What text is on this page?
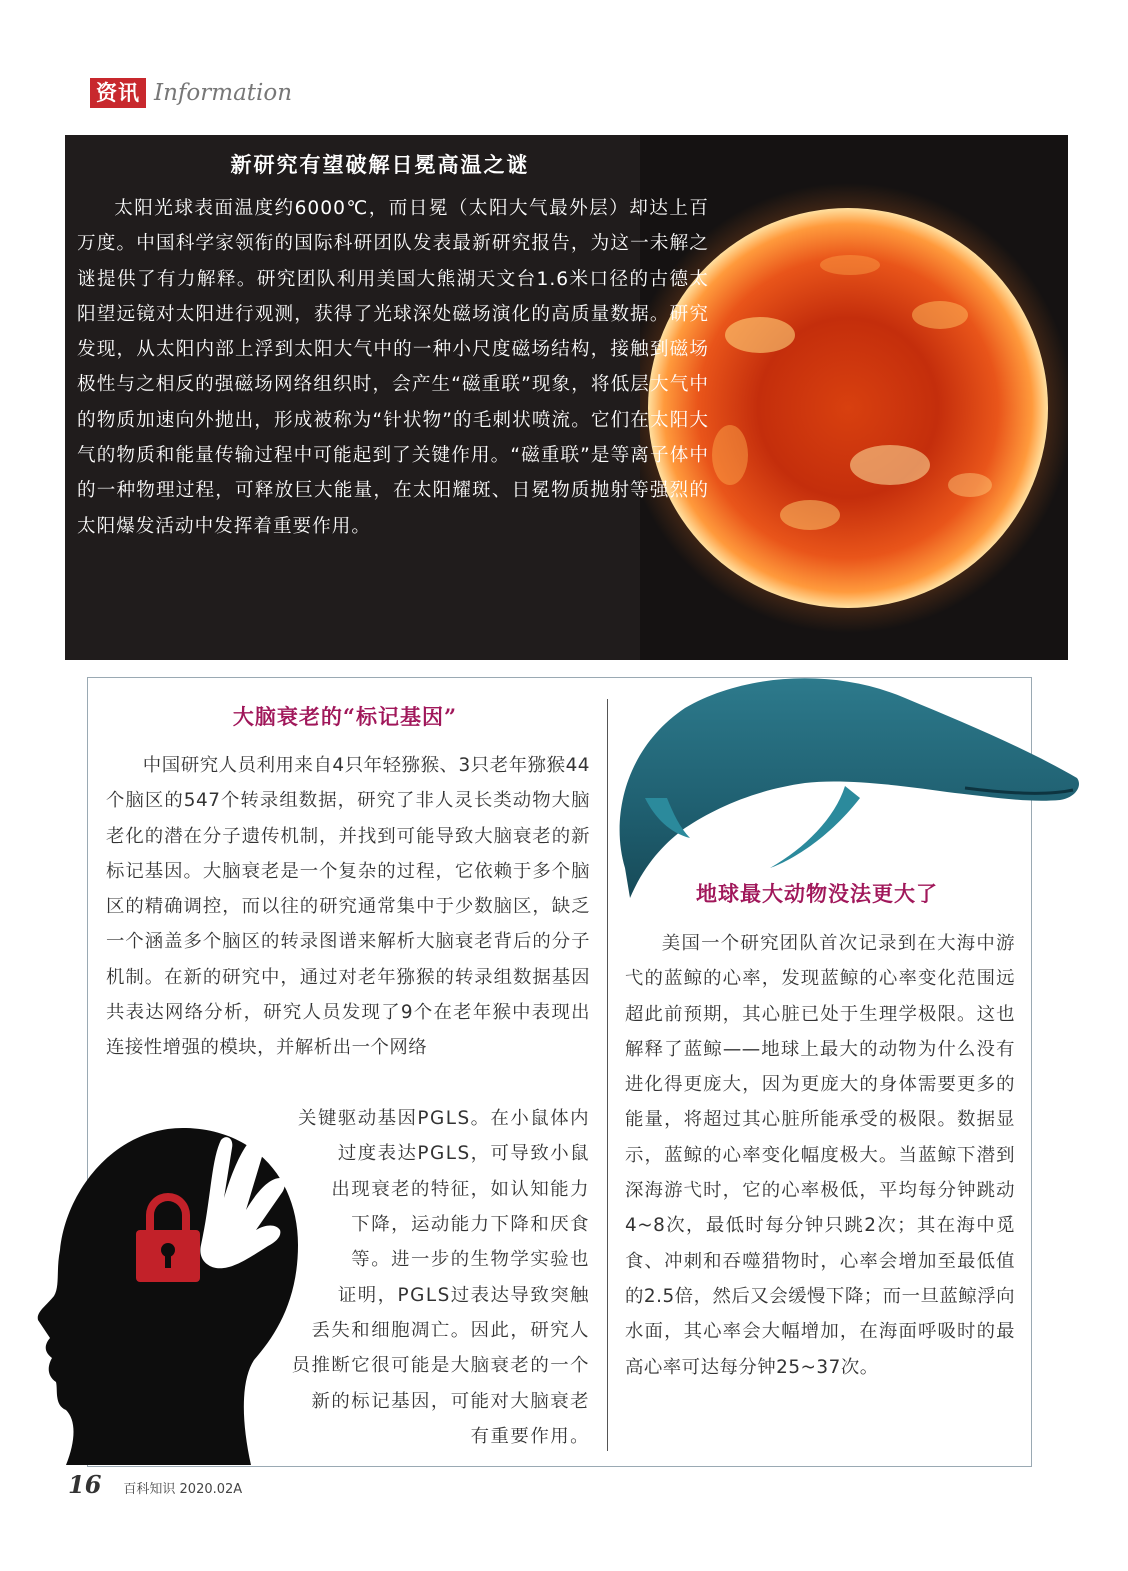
资讯 Information
新研究有望破解日冕高温之谜
太阳光球表面温度约6000℃，而日冕（太阳大气最外层）却达上百万度。中国科学家领衔的国际科研团队发表最新研究报告，为这一未解之谜提供了有力解释。研究团队利用美国大熊湖天文台1.6米口径的古德太阳望远镜对太阳进行观测，获得了光球深处磁场演化的高质量数据。研究发现，从太阳内部上浮到太阳大气中的一种小尺度磁场结构，接触到磁场极性与之相反的强磁场网络组织时，会产生“磁重联”现象，将低层大气中的物质加速向外抛出，形成被称为“针状物”的毛刺状喷流。它们在太阳大气的物质和能量传输过程中可能起到了关键作用。“磁重联”是等离子体中的一种物理过程，可释放巨大能量，在太阳耀斑、日冕物质抛射等强烈的太阳爆发活动中发挥着重要作用。
大脑衰老的“标记基因”
中国研究人员利用来自4只年轻猕猴、3只老年猕猴44个脑区的547个转录组数据，研究了非人灵长类动物大脑老化的潜在分子遗传机制，并找到可能导致大脑衰老的新标记基因。大脑衰老是一个复杂的过程，它依赖于多个脑区的精确调控，而以往的研究通常集中于少数脑区，缺乏一个涵盖多个脑区的转录图谱来解析大脑衰老背后的分子机制。在新的研究中，通过对老年猕猴的转录组数据基因共表达网络分析，研究人员发现了9个在老年猴中表现出连接性增强的模块，并解析出一个网络
关键驱动基因PGLS。在小鼠体内
过度表达PGLS，可导致小鼠
出现衰老的特征，如认知能力
下降，运动能力下降和厌食
等。进一步的生物学实验也
证明，PGLS过表达导致突触
丢失和细胞凋亡。因此，研究人
员推断它很可能是大脑衰老的一个
新的标记基因，可能对大脑衰老
有重要作用。
地球最大动物没法更大了
美国一个研究团队首次记录到在大海中游弋的蓝鲸的心率，发现蓝鲸的心率变化范围远超此前预期，其心脏已处于生理学极限。这也解释了蓝鲸——地球上最大的动物为什么没有进化得更庞大，因为更庞大的身体需要更多的能量，将超过其心脏所能承受的极限。数据显示，蓝鲸的心率变化幅度极大。当蓝鲸下潜到深海游弋时，它的心率极低，平均每分钟跳动4~8次，最低时每分钟只跳2次；其在海中觅食、冲刺和吞噬猎物时，心率会增加至最低值的2.5倍，然后又会缓慢下降；而一旦蓝鲸浮向水面，其心率会大幅增加，在海面呼吸时的最高心率可达每分钟25~37次。
16 百科知识 2020.02A
